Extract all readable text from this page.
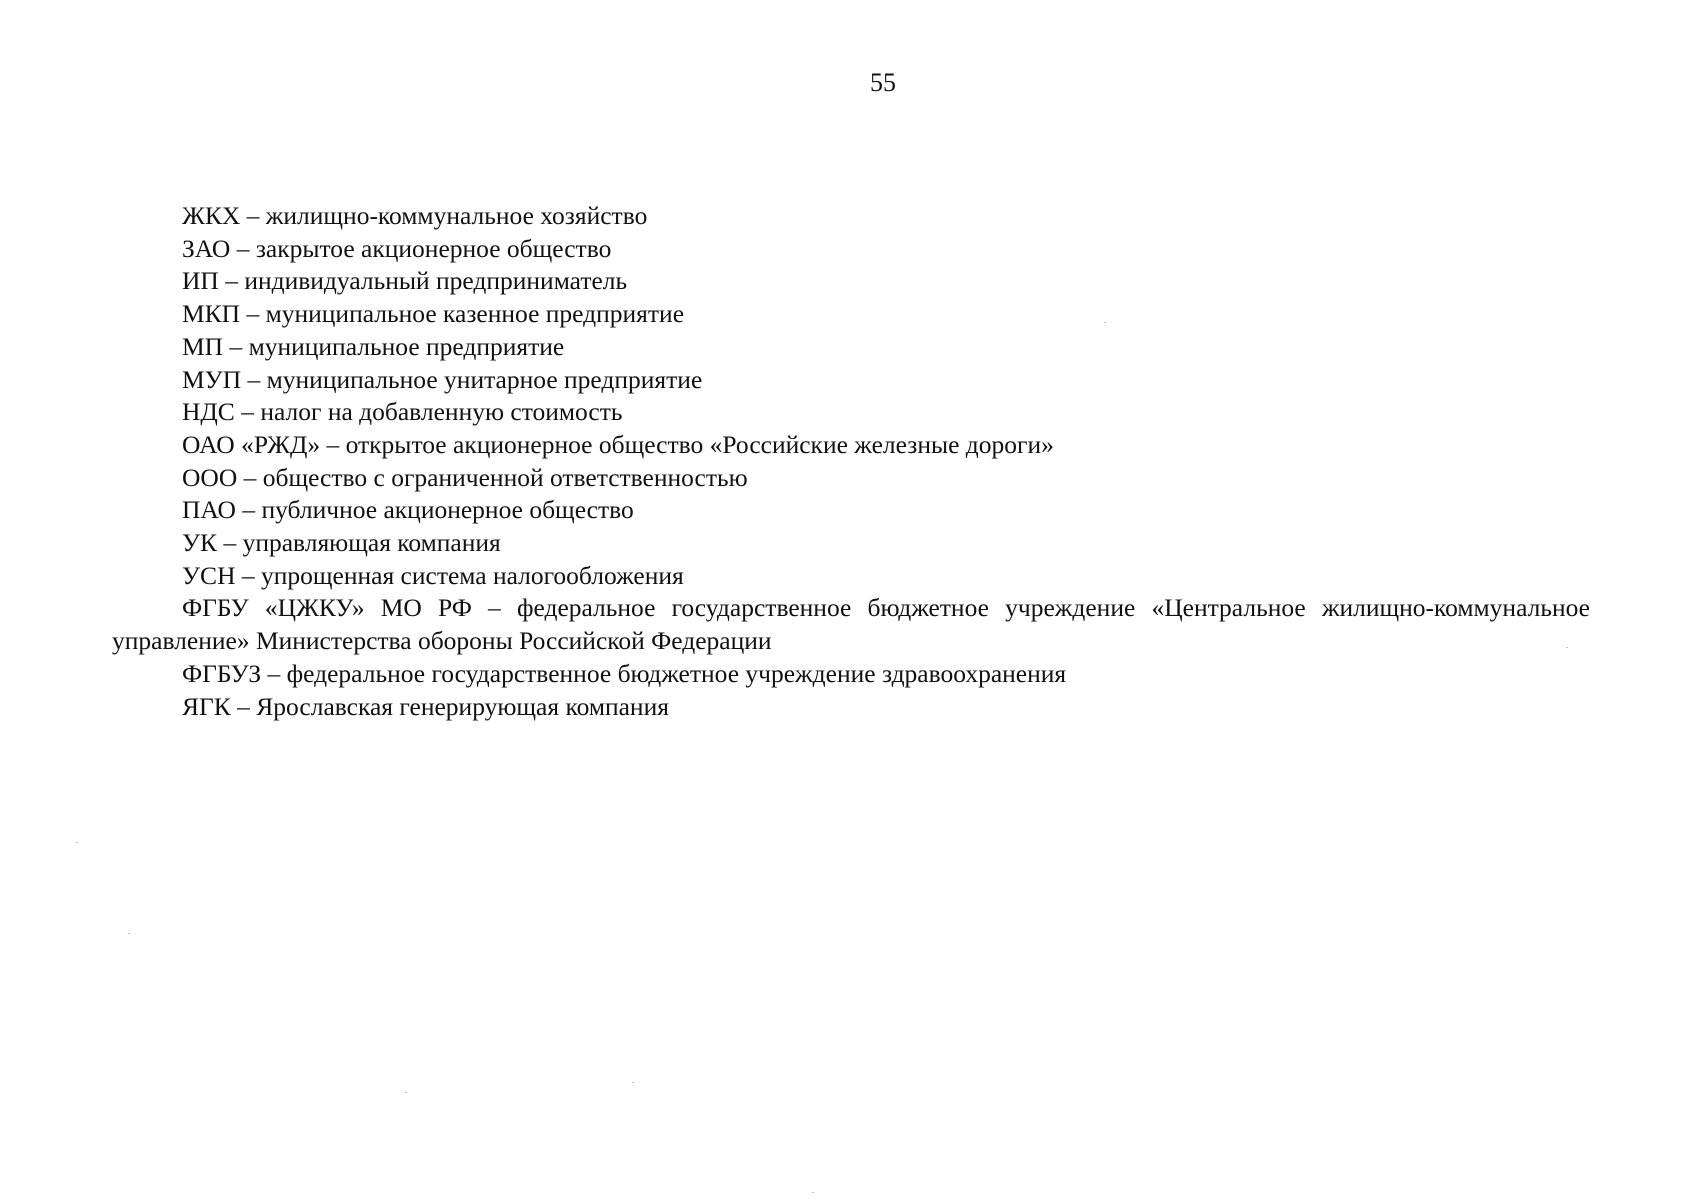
55
ЖКХ – жилищно-коммунальное хозяйство
ЗАО – закрытое акционерное общество
ИП – индивидуальный предприниматель
МКП – муниципальное казенное предприятие
МП – муниципальное предприятие
МУП – муниципальное унитарное предприятие
НДС – налог на добавленную стоимость
ОАО «РЖД» – открытое акционерное общество «Российские железные дороги»
ООО – общество с ограниченной ответственностью
ПАО – публичное акционерное общество
УК – управляющая компания
УСН – упрощенная система налогообложения
ФГБУ «ЦЖКУ» МО РФ – федеральное государственное бюджетное учреждение «Центральное жилищно-коммунальное управление» Министерства обороны Российской Федерации
ФГБУЗ – федеральное государственное бюджетное учреждение здравоохранения
ЯГК – Ярославская генерирующая компания
